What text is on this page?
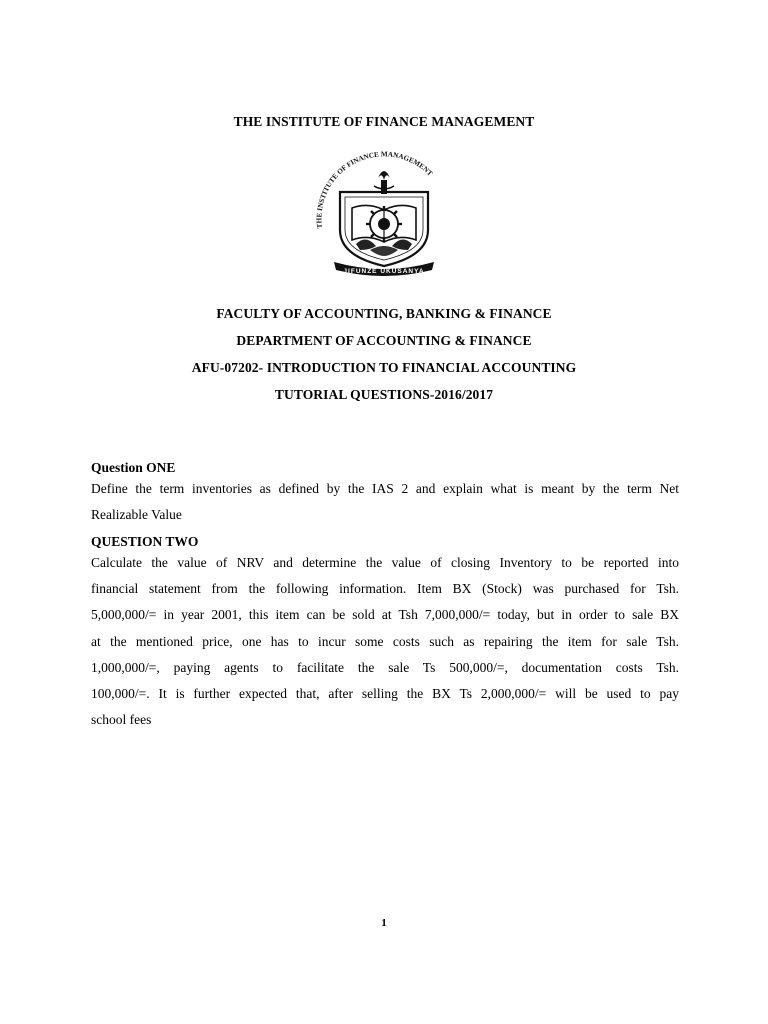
THE INSTITUTE OF FINANCE MANAGEMENT
THE INSTITUTE OF FINANCE MANAGEMENT
JIFUNZE UKUSANYA
FACULTY OF ACCOUNTING, BANKING & FINANCE
DEPARTMENT OF ACCOUNTING & FINANCE
AFU-07202- INTRODUCTION TO FINANCIAL ACCOUNTING
TUTORIAL QUESTIONS-2016/2017
Question ONE
Define the term inventories as defined by the IAS 2 and explain what is meant by the term Net
Realizable Value
QUESTION TWO
Calculate the value of NRV and determine the value of closing Inventory to be reported into
financial statement from the following information. Item BX (Stock) was purchased for Tsh.
5,000,000/= in year 2001, this item can be sold at Tsh 7,000,000/= today, but in order to sale BX
at the mentioned price, one has to incur some costs such as repairing the item for sale Tsh.
1,000,000/=, paying agents to facilitate the sale Ts 500,000/=, documentation costs Tsh.
100,000/=. It is further expected that, after selling the BX Ts 2,000,000/= will be used to pay
school fees
1
